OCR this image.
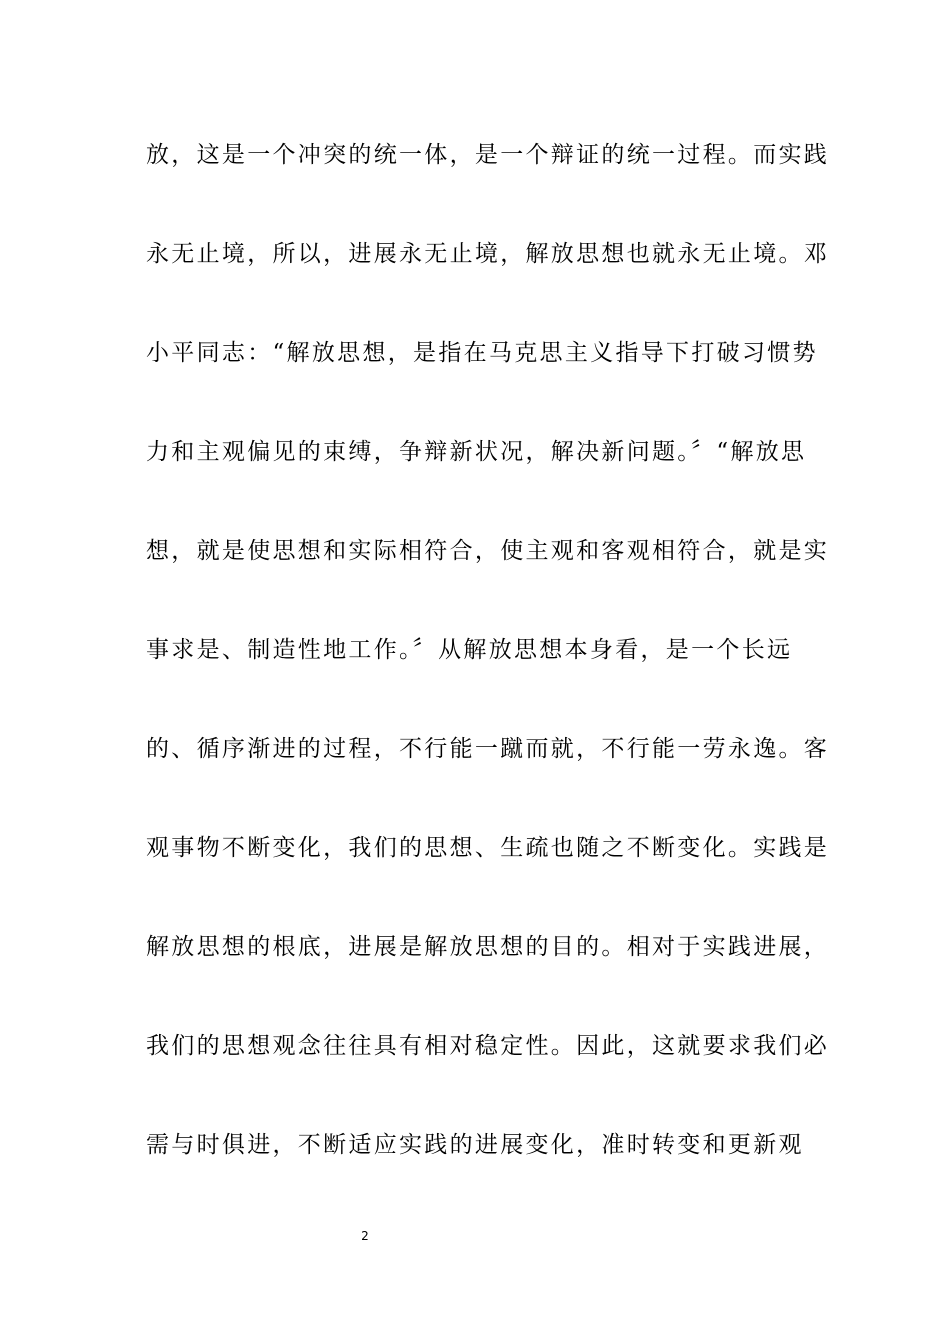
放，这是一个冲突的统一体，是一个辩证的统一过程。而实践
永无止境，所以，进展永无止境，解放思想也就永无止境。邓
小平同志：“解放思想，是指在马克思主义指导下打破习惯势
力和主观偏见的束缚，争辩新状况，解决新问题。〞“解放思
想，就是使思想和实际相符合，使主观和客观相符合，就是实
事求是、制造性地工作。〞从解放思想本身看，是一个长远
的、循序渐进的过程，不行能一蹴而就，不行能一劳永逸。客
观事物不断变化，我们的思想、生疏也随之不断变化。实践是
解放思想的根底，进展是解放思想的目的。相对于实践进展，
我们的思想观念往往具有相对稳定性。因此，这就要求我们必
需与时俱进，不断适应实践的进展变化，准时转变和更新观
2
